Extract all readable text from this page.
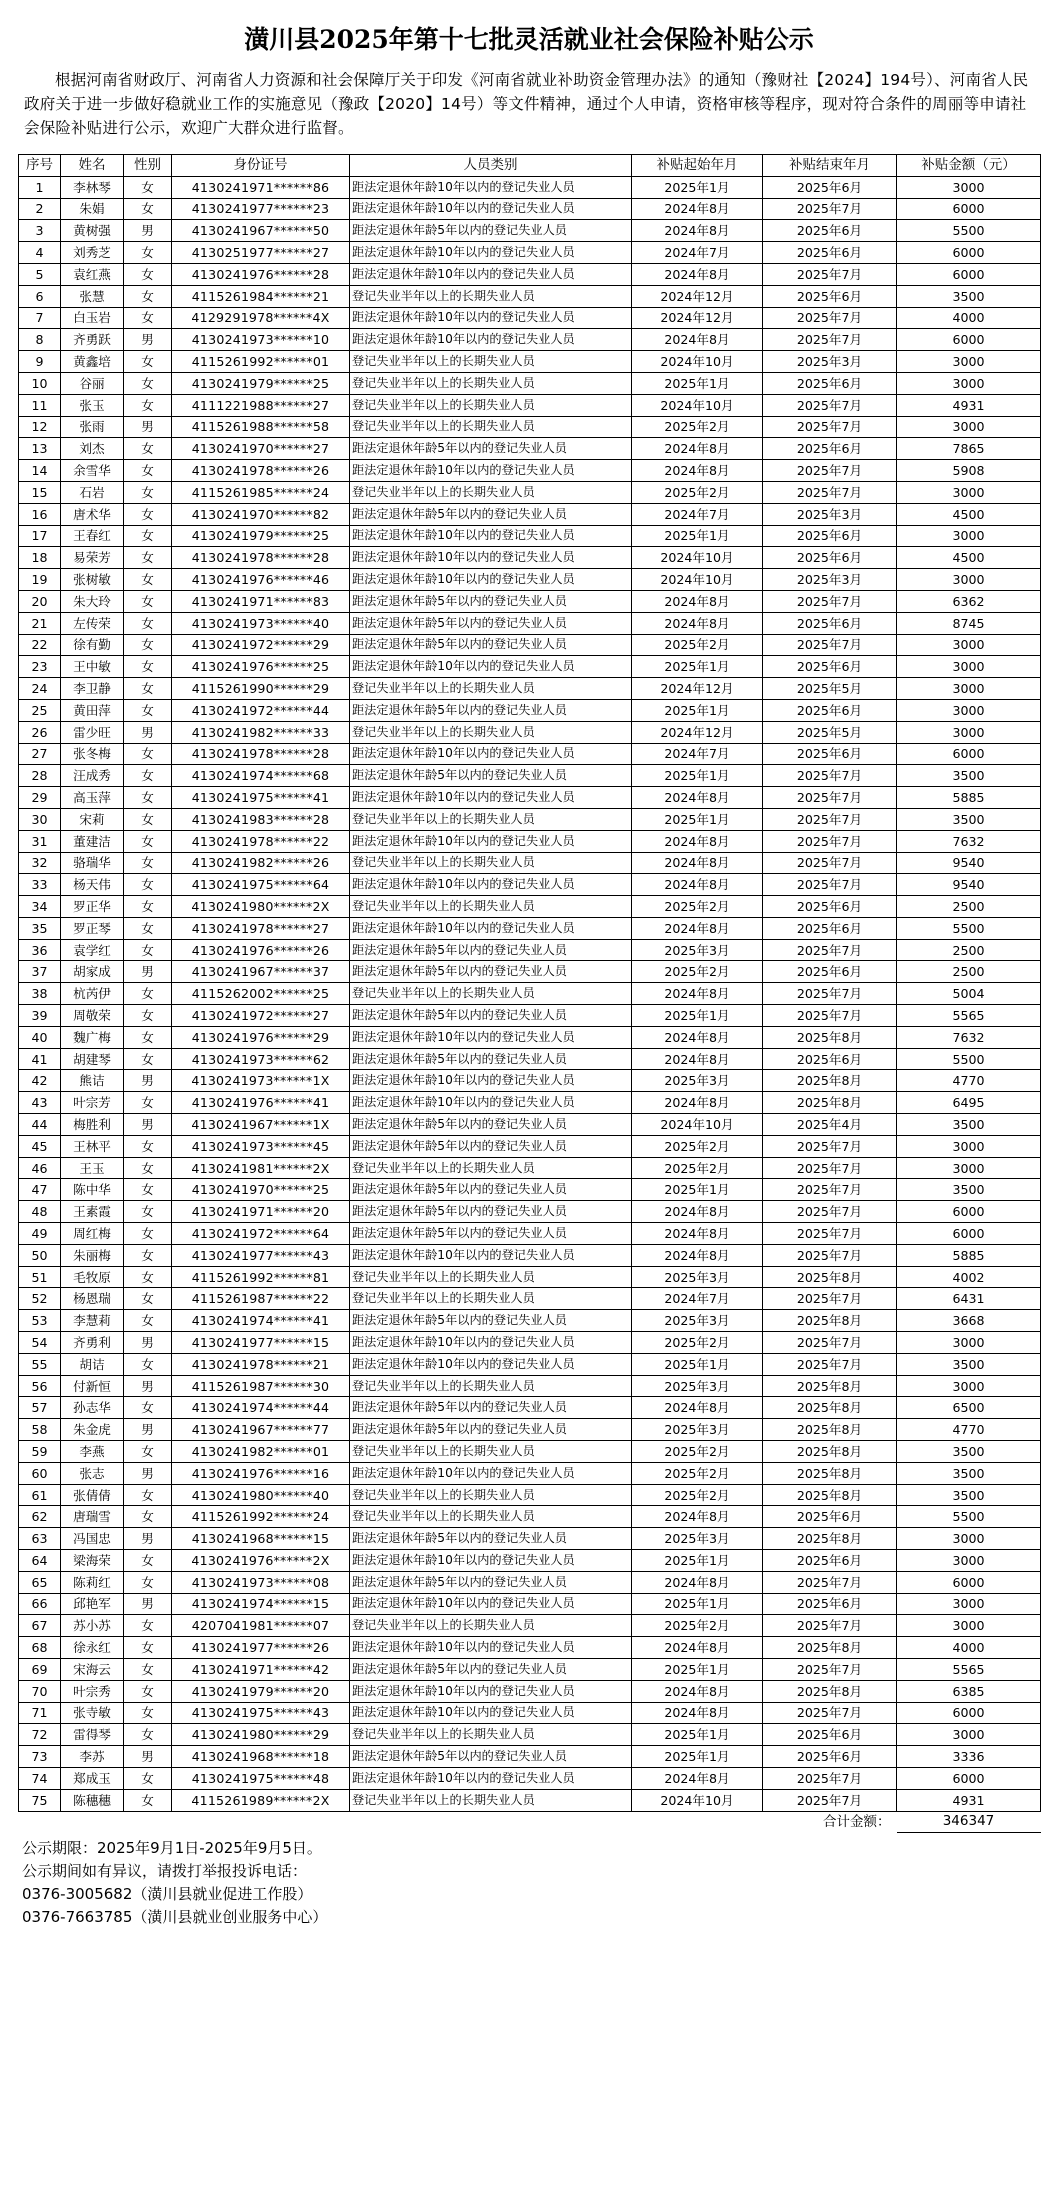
潢川县2025年第十七批灵活就业社会保险补贴公示
根据河南省财政厅、河南省人力资源和社会保障厅关于印发《河南省就业补助资金管理办法》的通知（豫财社【2024】194号）、河南省人民政府关于进一步做好稳就业工作的实施意见（豫政【2020】14号）等文件精神，通过个人申请，资格审核等程序，现对符合条件的周丽等申请社会保险补贴进行公示，欢迎广大群众进行监督。
序号	姓名	性别	身份证号	人员类别	补贴起始年月	补贴结束年月	补贴金额（元）
1	李林琴	女	4130241971******86	距法定退休年龄10年以内的登记失业人员	2025年1月	2025年6月	3000
2	朱娟	女	4130241977******23	距法定退休年龄10年以内的登记失业人员	2024年8月	2025年7月	6000
3	黄树强	男	4130241967******50	距法定退休年龄5年以内的登记失业人员	2024年8月	2025年6月	5500
4	刘秀芝	女	4130251977******27	距法定退休年龄10年以内的登记失业人员	2024年7月	2025年6月	6000
5	袁红燕	女	4130241976******28	距法定退休年龄10年以内的登记失业人员	2024年8月	2025年7月	6000
6	张慧	女	4115261984******21	登记失业半年以上的长期失业人员	2024年12月	2025年6月	3500
7	白玉岩	女	4129291978******4X	距法定退休年龄10年以内的登记失业人员	2024年12月	2025年7月	4000
8	齐勇跃	男	4130241973******10	距法定退休年龄10年以内的登记失业人员	2024年8月	2025年7月	6000
9	黄鑫培	女	4115261992******01	登记失业半年以上的长期失业人员	2024年10月	2025年3月	3000
10	谷丽	女	4130241979******25	登记失业半年以上的长期失业人员	2025年1月	2025年6月	3000
11	张玉	女	4111221988******27	登记失业半年以上的长期失业人员	2024年10月	2025年7月	4931
12	张雨	男	4115261988******58	登记失业半年以上的长期失业人员	2025年2月	2025年7月	3000
13	刘杰	女	4130241970******27	距法定退休年龄5年以内的登记失业人员	2024年8月	2025年6月	7865
14	余雪华	女	4130241978******26	距法定退休年龄10年以内的登记失业人员	2024年8月	2025年7月	5908
15	石岩	女	4115261985******24	登记失业半年以上的长期失业人员	2025年2月	2025年7月	3000
16	唐术华	女	4130241970******82	距法定退休年龄5年以内的登记失业人员	2024年7月	2025年3月	4500
17	王春红	女	4130241979******25	距法定退休年龄10年以内的登记失业人员	2025年1月	2025年6月	3000
18	易荣芳	女	4130241978******28	距法定退休年龄10年以内的登记失业人员	2024年10月	2025年6月	4500
19	张树敏	女	4130241976******46	距法定退休年龄10年以内的登记失业人员	2024年10月	2025年3月	3000
20	朱大玲	女	4130241971******83	距法定退休年龄5年以内的登记失业人员	2024年8月	2025年7月	6362
21	左传荣	女	4130241973******40	距法定退休年龄5年以内的登记失业人员	2024年8月	2025年6月	8745
22	徐有勤	女	4130241972******29	距法定退休年龄5年以内的登记失业人员	2025年2月	2025年7月	3000
23	王中敏	女	4130241976******25	距法定退休年龄10年以内的登记失业人员	2025年1月	2025年6月	3000
24	李卫静	女	4115261990******29	登记失业半年以上的长期失业人员	2024年12月	2025年5月	3000
25	黄田萍	女	4130241972******44	距法定退休年龄5年以内的登记失业人员	2025年1月	2025年6月	3000
26	雷少旺	男	4130241982******33	登记失业半年以上的长期失业人员	2024年12月	2025年5月	3000
27	张冬梅	女	4130241978******28	距法定退休年龄10年以内的登记失业人员	2024年7月	2025年6月	6000
28	汪成秀	女	4130241974******68	距法定退休年龄5年以内的登记失业人员	2025年1月	2025年7月	3500
29	高玉萍	女	4130241975******41	距法定退休年龄10年以内的登记失业人员	2024年8月	2025年7月	5885
30	宋莉	女	4130241983******28	登记失业半年以上的长期失业人员	2025年1月	2025年7月	3500
31	董建洁	女	4130241978******22	距法定退休年龄10年以内的登记失业人员	2024年8月	2025年7月	7632
32	骆瑞华	女	4130241982******26	登记失业半年以上的长期失业人员	2024年8月	2025年7月	9540
33	杨天伟	女	4130241975******64	距法定退休年龄10年以内的登记失业人员	2024年8月	2025年7月	9540
34	罗正华	女	4130241980******2X	登记失业半年以上的长期失业人员	2025年2月	2025年6月	2500
35	罗正琴	女	4130241978******27	距法定退休年龄10年以内的登记失业人员	2024年8月	2025年6月	5500
36	袁学红	女	4130241976******26	距法定退休年龄5年以内的登记失业人员	2025年3月	2025年7月	2500
37	胡家成	男	4130241967******37	距法定退休年龄5年以内的登记失业人员	2025年2月	2025年6月	2500
38	杭芮伊	女	4115262002******25	登记失业半年以上的长期失业人员	2024年8月	2025年7月	5004
39	周敬荣	女	4130241972******27	距法定退休年龄5年以内的登记失业人员	2025年1月	2025年7月	5565
40	魏广梅	女	4130241976******29	距法定退休年龄10年以内的登记失业人员	2024年8月	2025年8月	7632
41	胡建琴	女	4130241973******62	距法定退休年龄5年以内的登记失业人员	2024年8月	2025年6月	5500
42	熊诘	男	4130241973******1X	距法定退休年龄10年以内的登记失业人员	2025年3月	2025年8月	4770
43	叶宗芳	女	4130241976******41	距法定退休年龄10年以内的登记失业人员	2024年8月	2025年8月	6495
44	梅胜利	男	4130241967******1X	距法定退休年龄5年以内的登记失业人员	2024年10月	2025年4月	3500
45	王林平	女	4130241973******45	距法定退休年龄5年以内的登记失业人员	2025年2月	2025年7月	3000
46	王玉	女	4130241981******2X	登记失业半年以上的长期失业人员	2025年2月	2025年7月	3000
47	陈中华	女	4130241970******25	距法定退休年龄5年以内的登记失业人员	2025年1月	2025年7月	3500
48	王素霞	女	4130241971******20	距法定退休年龄5年以内的登记失业人员	2024年8月	2025年7月	6000
49	周红梅	女	4130241972******64	距法定退休年龄5年以内的登记失业人员	2024年8月	2025年7月	6000
50	朱丽梅	女	4130241977******43	距法定退休年龄10年以内的登记失业人员	2024年8月	2025年7月	5885
51	毛牧原	女	4115261992******81	登记失业半年以上的长期失业人员	2025年3月	2025年8月	4002
52	杨恩瑞	女	4115261987******22	登记失业半年以上的长期失业人员	2024年7月	2025年7月	6431
53	李慧莉	女	4130241974******41	距法定退休年龄5年以内的登记失业人员	2025年3月	2025年8月	3668
54	齐勇利	男	4130241977******15	距法定退休年龄10年以内的登记失业人员	2025年2月	2025年7月	3000
55	胡诘	女	4130241978******21	距法定退休年龄10年以内的登记失业人员	2025年1月	2025年7月	3500
56	付新恒	男	4115261987******30	登记失业半年以上的长期失业人员	2025年3月	2025年8月	3000
57	孙志华	女	4130241974******44	距法定退休年龄5年以内的登记失业人员	2024年8月	2025年8月	6500
58	朱金虎	男	4130241967******77	距法定退休年龄5年以内的登记失业人员	2025年3月	2025年8月	4770
59	李燕	女	4130241982******01	登记失业半年以上的长期失业人员	2025年2月	2025年8月	3500
60	张志	男	4130241976******16	距法定退休年龄10年以内的登记失业人员	2025年2月	2025年8月	3500
61	张倩倩	女	4130241980******40	登记失业半年以上的长期失业人员	2025年2月	2025年8月	3500
62	唐瑞雪	女	4115261992******24	登记失业半年以上的长期失业人员	2024年8月	2025年6月	5500
63	冯国忠	男	4130241968******15	距法定退休年龄5年以内的登记失业人员	2025年3月	2025年8月	3000
64	梁海荣	女	4130241976******2X	距法定退休年龄10年以内的登记失业人员	2025年1月	2025年6月	3000
65	陈莉红	女	4130241973******08	距法定退休年龄5年以内的登记失业人员	2024年8月	2025年7月	6000
66	邱艳军	男	4130241974******15	距法定退休年龄10年以内的登记失业人员	2025年1月	2025年6月	3000
67	苏小苏	女	4207041981******07	登记失业半年以上的长期失业人员	2025年2月	2025年7月	3000
68	徐永红	女	4130241977******26	距法定退休年龄10年以内的登记失业人员	2024年8月	2025年8月	4000
69	宋海云	女	4130241971******42	距法定退休年龄5年以内的登记失业人员	2025年1月	2025年7月	5565
70	叶宗秀	女	4130241979******20	距法定退休年龄10年以内的登记失业人员	2024年8月	2025年8月	6385
71	张寺敏	女	4130241975******43	距法定退休年龄10年以内的登记失业人员	2024年8月	2025年7月	6000
72	雷得琴	女	4130241980******29	登记失业半年以上的长期失业人员	2025年1月	2025年6月	3000
73	李苏	男	4130241968******18	距法定退休年龄5年以内的登记失业人员	2025年1月	2025年6月	3336
74	郑成玉	女	4130241975******48	距法定退休年龄10年以内的登记失业人员	2024年8月	2025年7月	6000
75	陈穗穗	女	4115261989******2X	登记失业半年以上的长期失业人员	2024年10月	2025年7月	4931
合计金额：							346347
公示期限：2025年9月1日-2025年9月5日。
公示期间如有异议，请拨打举报投诉电话：
0376-3005682（潢川县就业促进工作股）
0376-7663785（潢川县就业创业服务中心）
